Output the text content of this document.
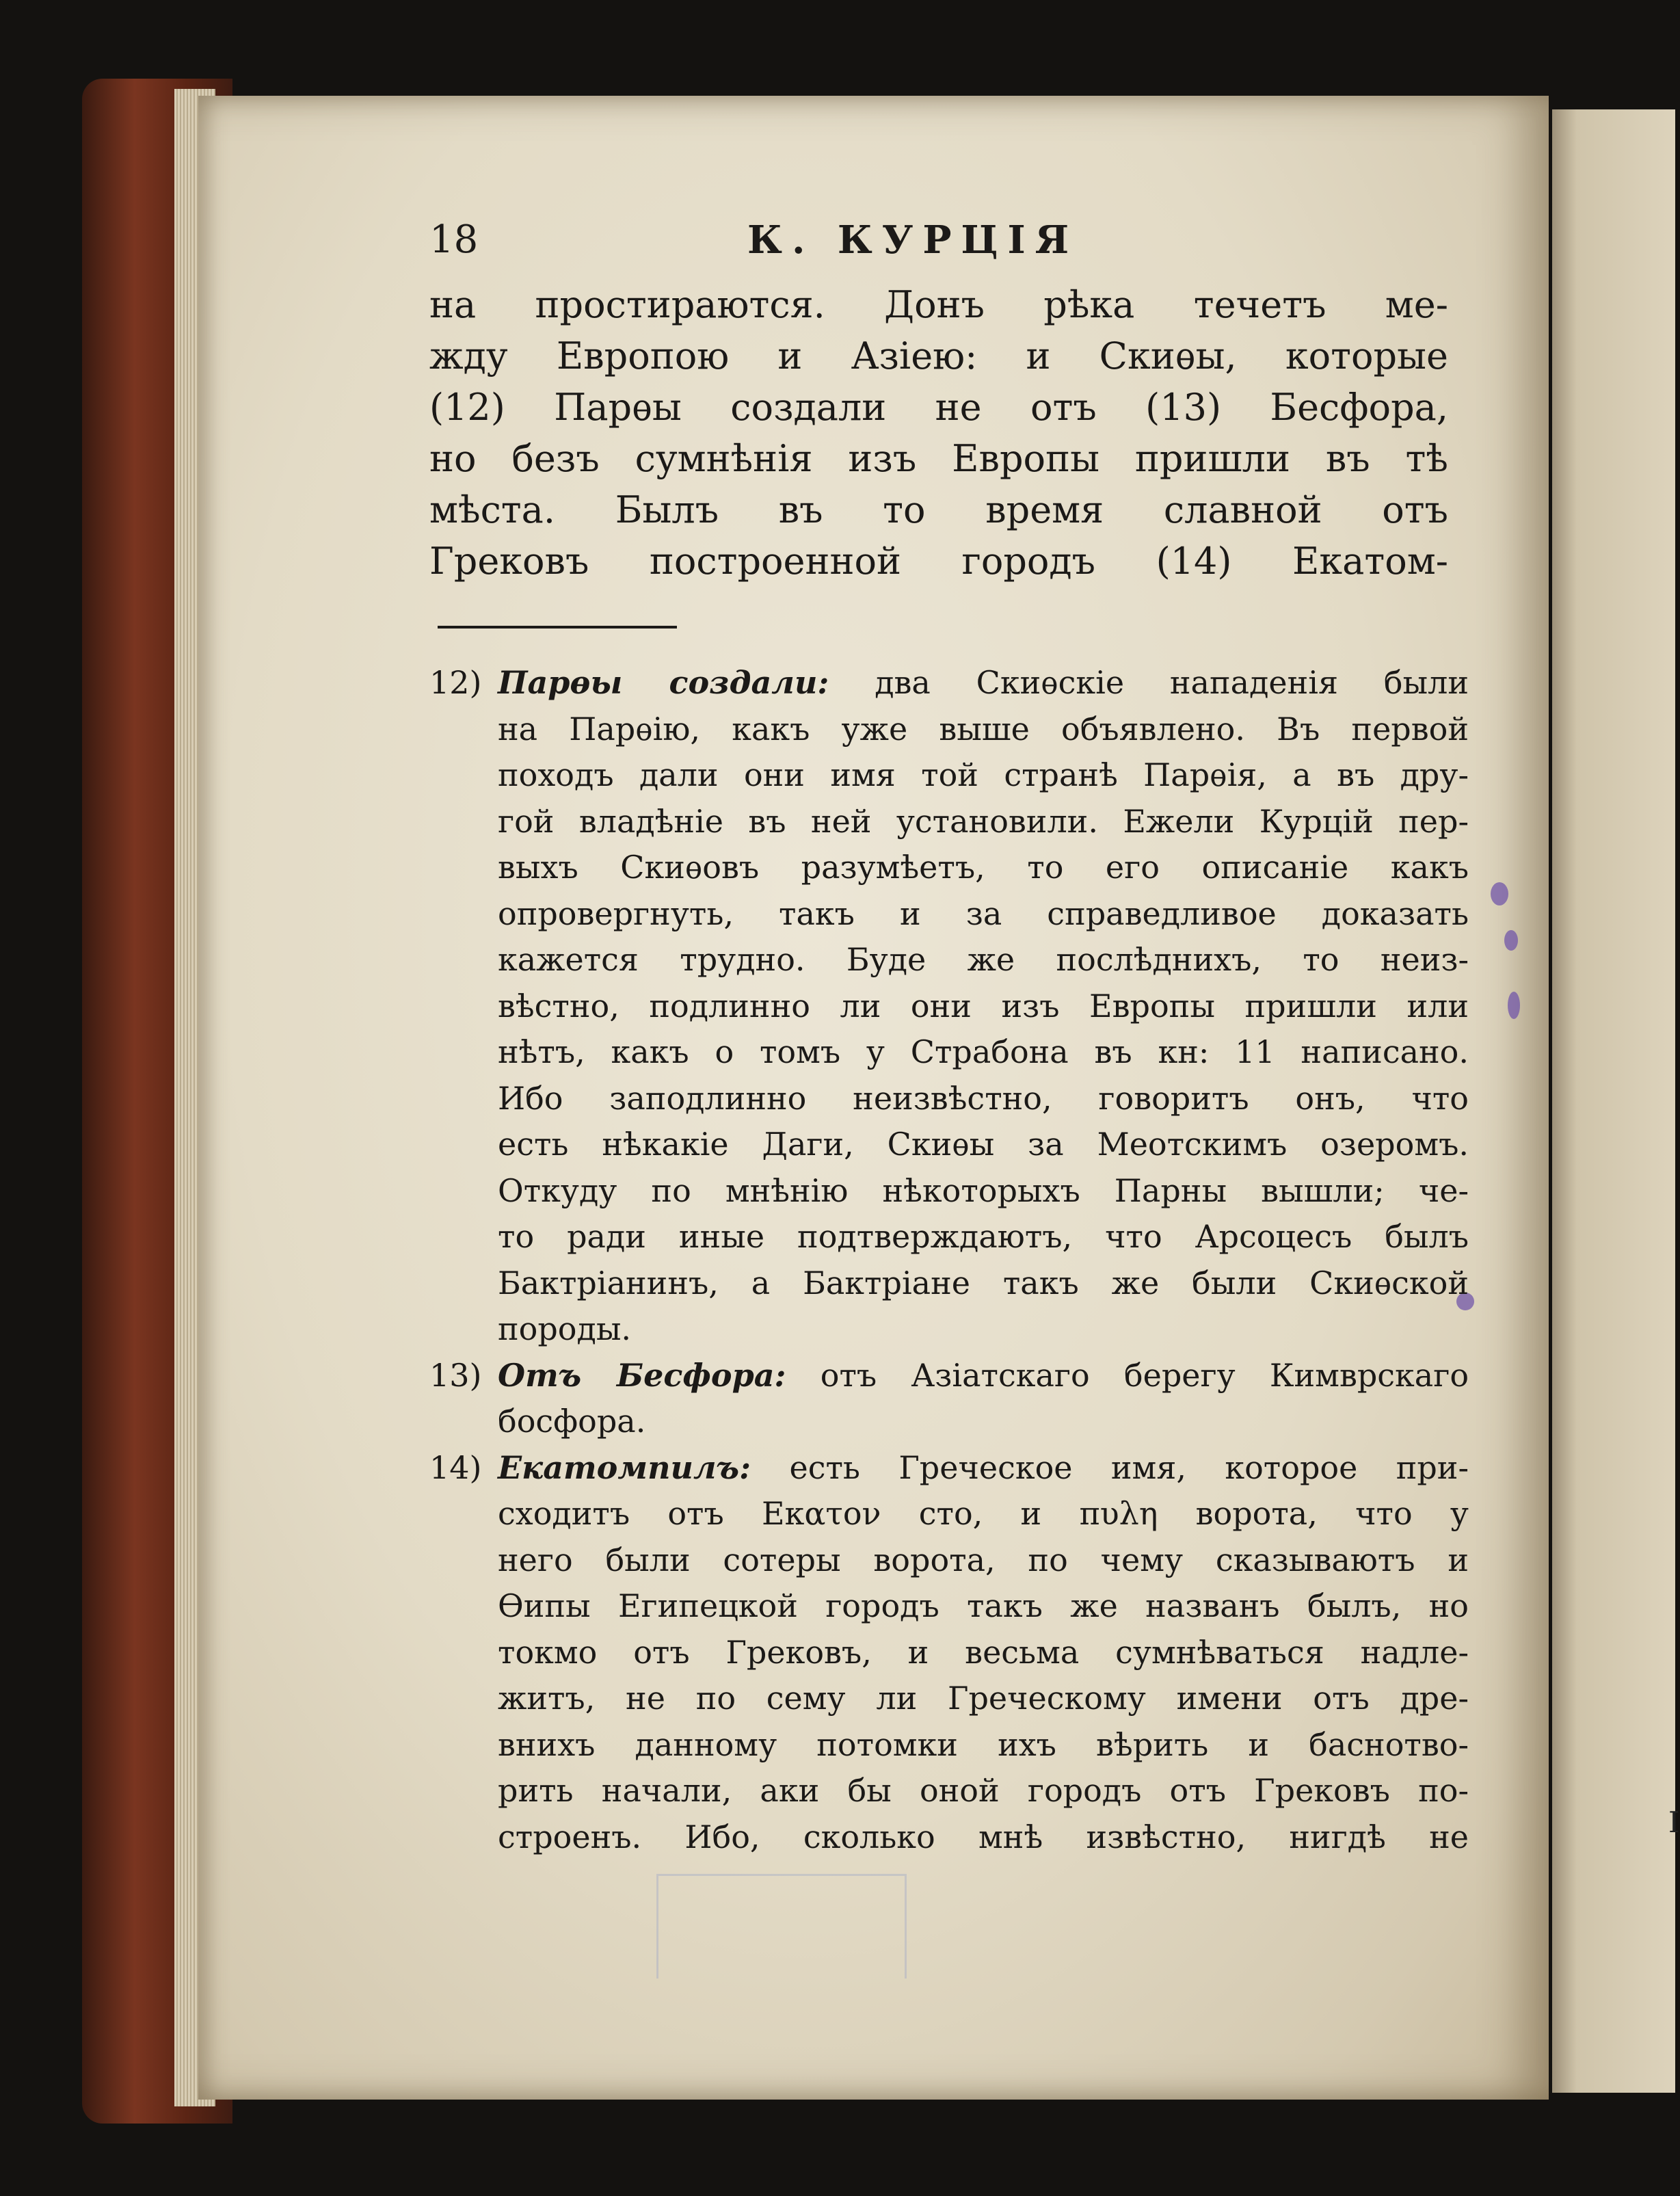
I
18	К. КУРЦІЯ
на простираются. Донъ рѣка течетъ ме-
жду Европою и Азіею: и Скиѳы, которые
(12) Парѳы создали не отъ (13) Бесфора,
но безъ сумнѣнія изъ Европы пришли въ тѣ
мѣста. Былъ въ то время славной отъ
Грековъ построенной городъ (14) Екатом-
12) Парѳы создали: два Скиѳскіе нападенія были
на Парѳію, какъ уже выше объявлено. Въ первой
походъ дали они имя той странѣ Парѳія, а въ дру-
гой владѣніе въ ней установили. Ежели Курцій пер-
выхъ Скиѳовъ разумѣетъ, то его описаніе какъ
опровергнуть, такъ и за справедливое доказать
кажется трудно. Буде же послѣднихъ, то неиз-
вѣстно, подлинно ли они изъ Европы пришли или
нѣтъ, какъ о томъ у Страбона въ кн: 11 написано.
Ибо заподлинно неизвѣстно, говоритъ онъ, что
есть нѣкакіе Даги, Скиѳы за Меотскимъ озеромъ.
Откуду по мнѣнію нѣкоторыхъ Парны вышли; че-
то ради иные подтверждаютъ, что Арсоцесъ былъ
Бактріанинъ, а Бактріане такъ же были Скиѳской
породы.
13) Отъ Бесфора: отъ Азіатскаго берегу Кимврскаго
босфора.
14) Екатомпилъ: есть Греческое имя, которое при-
сходитъ отъ Εκατον сто, и πυλη ворота, что у
него были сотеры ворота, по чему сказываютъ и
Ѳипы Египецкой городъ такъ же названъ былъ, но
токмо отъ Грековъ, и весьма сумнѣваться надле-
житъ, не по сему ли Греческому имени отъ дре-
внихъ данному потомки ихъ вѣрить и баснотво-
рить начали, аки бы оной городъ отъ Грековъ по-
строенъ. Ибо, сколько мнѣ извѣстно, нигдѣ не
